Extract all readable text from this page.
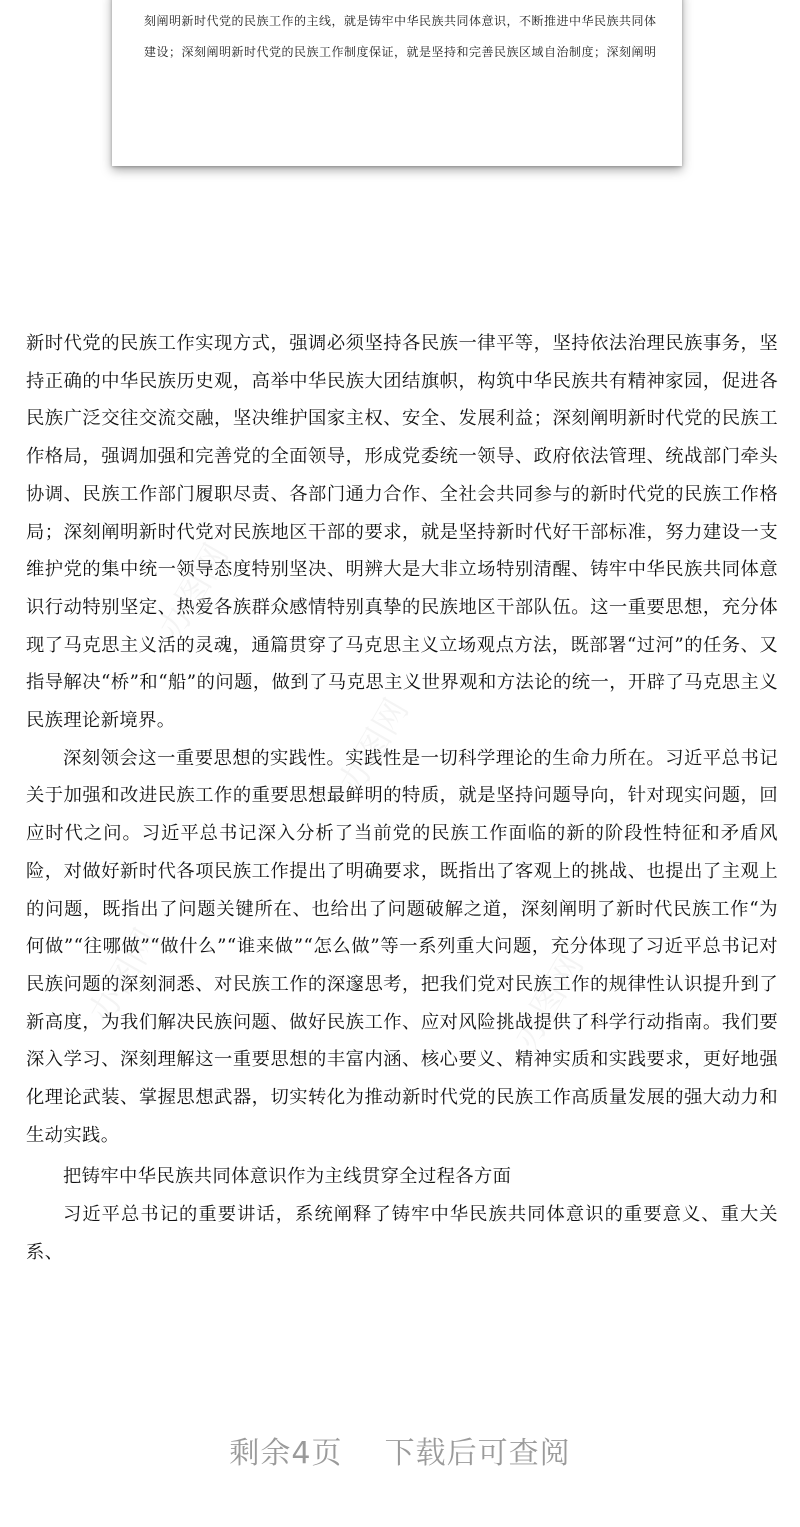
刻阐明新时代党的民族工作的主线，就是铸牢中华民族共同体意识，不断推进中华民族共同体
建设；深刻阐明新时代党的民族工作制度保证，就是坚持和完善民族区域自治制度；深刻阐明

新时代党的民族工作实现方式，强调必须坚持各民族一律平等，坚持依法治理民族事务，坚持正确的中华民族历史观，高举中华民族大团结旗帜，构筑中华民族共有精神家园，促进各民族广泛交往交流交融，坚决维护国家主权、安全、发展利益；深刻阐明新时代党的民族工作格局，强调加强和完善党的全面领导，形成党委统一领导、政府依法管理、统战部门牵头协调、民族工作部门履职尽责、各部门通力合作、全社会共同参与的新时代党的民族工作格局；深刻阐明新时代党对民族地区干部的要求，就是坚持新时代好干部标准，努力建设一支维护党的集中统一领导态度特别坚决、明辨大是大非立场特别清醒、铸牢中华民族共同体意识行动特别坚定、热爱各族群众感情特别真挚的民族地区干部队伍。这一重要思想，充分体现了马克思主义活的灵魂，通篇贯穿了马克思主义立场观点方法，既部署“过河”的任务、又指导解决“桥”和“船”的问题，做到了马克思主义世界观和方法论的统一，开辟了马克思主义民族理论新境界。

深刻领会这一重要思想的实践性。实践性是一切科学理论的生命力所在。习近平总书记关于加强和改进民族工作的重要思想最鲜明的特质，就是坚持问题导向，针对现实问题，回应时代之问。习近平总书记深入分析了当前党的民族工作面临的新的阶段性特征和矛盾风险，对做好新时代各项民族工作提出了明确要求，既指出了客观上的挑战、也提出了主观上的问题，既指出了问题关键所在、也给出了问题破解之道，深刻阐明了新时代民族工作“为何做”“往哪做”“做什么”“谁来做”“怎么做”等一系列重大问题，充分体现了习近平总书记对民族问题的深刻洞悉、对民族工作的深邃思考，把我们党对民族工作的规律性认识提升到了新高度，为我们解决民族问题、做好民族工作、应对风险挑战提供了科学行动指南。我们要深入学习、深刻理解这一重要思想的丰富内涵、核心要义、精神实质和实践要求，更好地强化理论武装、掌握思想武器，切实转化为推动新时代党的民族工作高质量发展的强大动力和生动实践。

把铸牢中华民族共同体意识作为主线贯穿全过程各方面

习近平总书记的重要讲话，系统阐释了铸牢中华民族共同体意识的重要意义、重大关系、

剩余4页    下载后可查阅
